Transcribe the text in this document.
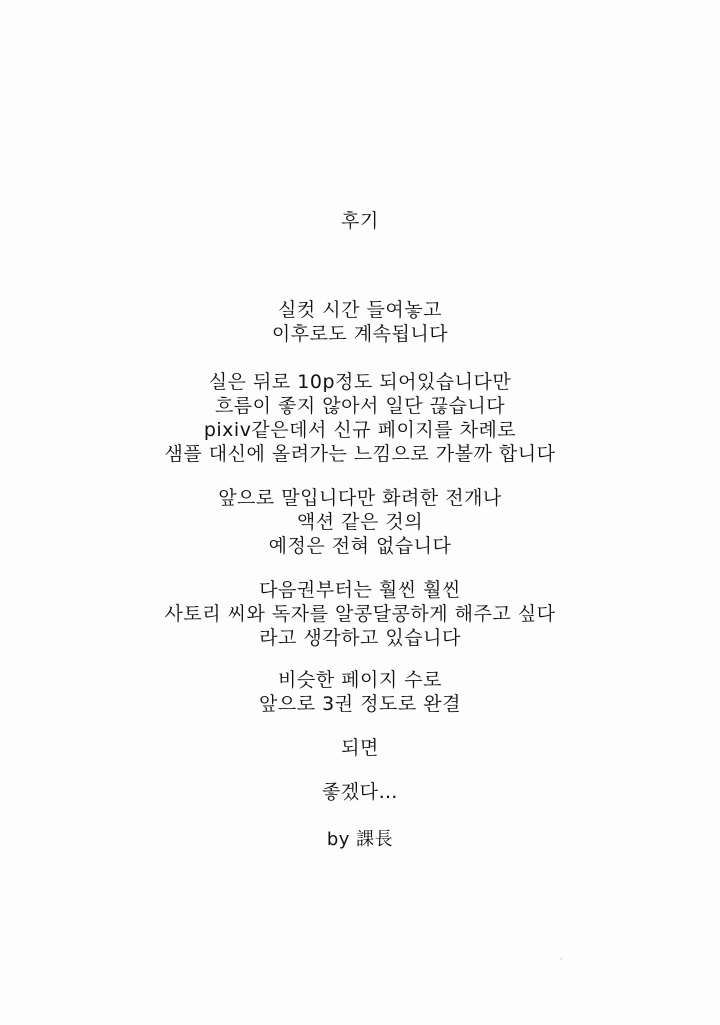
후기
실컷 시간 들여놓고
이후로도 계속됩니다
실은 뒤로 10p정도 되어있습니다만
흐름이 좋지 않아서 일단 끊습니다
pixiv같은데서 신규 페이지를 차례로
샘플 대신에 올려가는 느낌으로 가볼까 합니다
앞으로 말입니다만 화려한 전개나
액션 같은 것의
예정은 전혀 없습니다
다음권부터는 훨씬 훨씬
사토리 씨와 독자를 알콩달콩하게 해주고 싶다
라고 생각하고 있습니다
비슷한 페이지 수로
앞으로 3권 정도로 완결
되면
좋겠다…
by 課長
